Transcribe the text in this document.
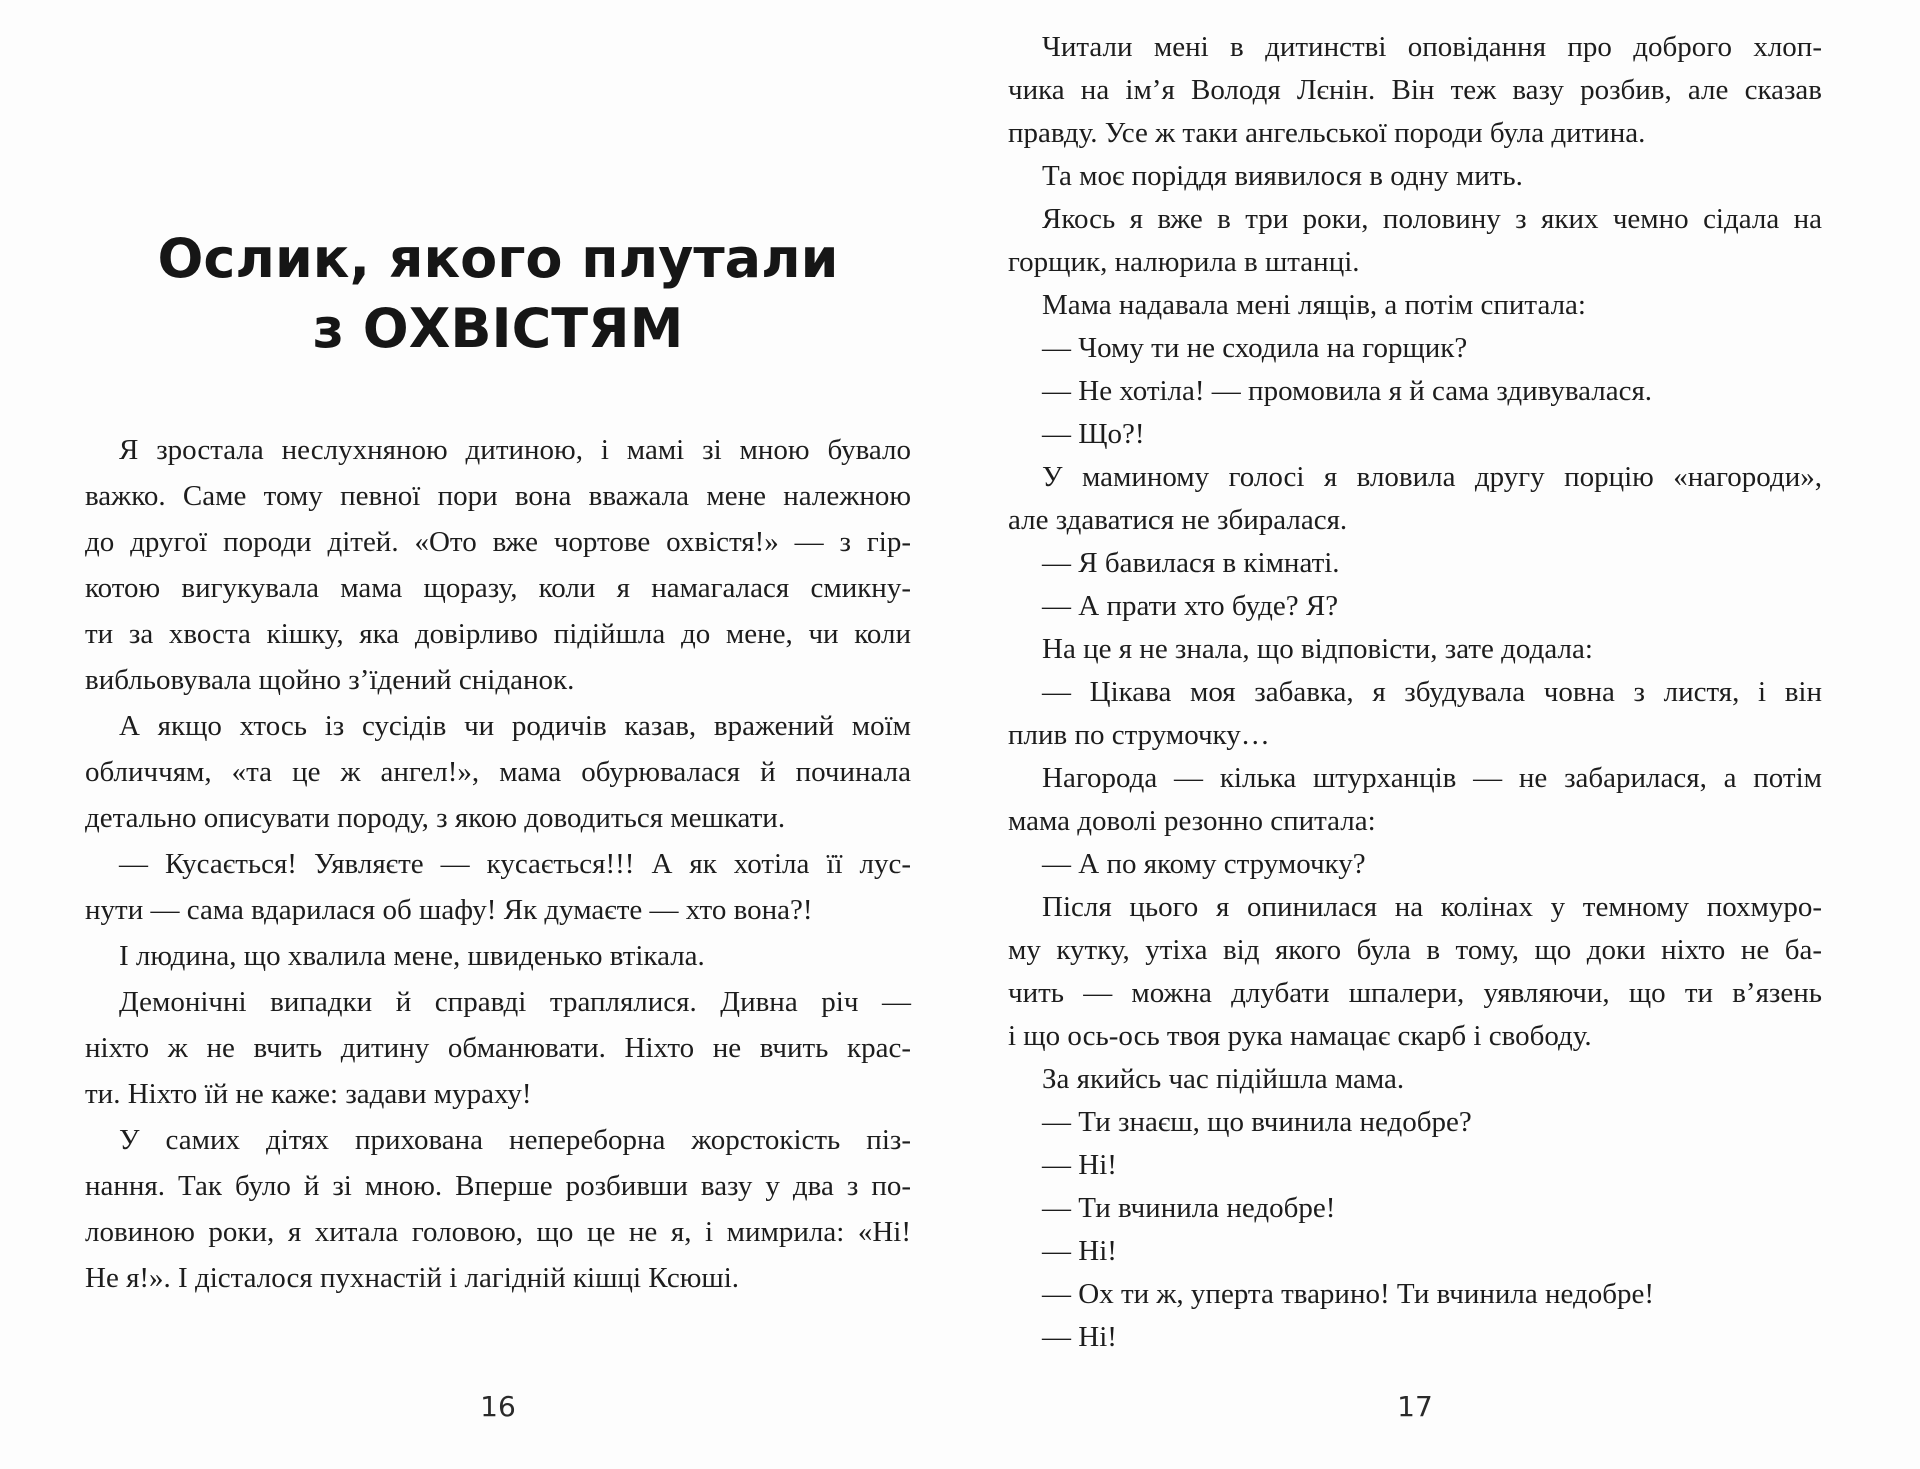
Ослик, якого плутали
з ОХВІСТЯМ
Я зростала неслухняною дитиною, і мамі зі мною бувало
важко. Саме тому певної пори вона вважала мене належною
до другої породи дітей. «Ото вже чортове охвістя!» — з гір-
котою вигукувала мама щоразу, коли я намагалася смикну-
ти за хвоста кішку, яка довірливо підійшла до мене, чи коли
вибльовувала щойно з’їдений сніданок.
А якщо хтось із сусідів чи родичів казав, вражений моїм
обличчям, «та це ж ангел!», мама обурювалася й починала
детально описувати породу, з якою доводиться мешкати.
— Кусається! Уявляєте — кусається!!! А як хотіла її лус-
нути — сама вдарилася об шафу! Як думаєте — хто вона?!
І людина, що хвалила мене, швиденько втікала.
Демонічні випадки й справді траплялися. Дивна річ —
ніхто ж не вчить дитину обманювати. Ніхто не вчить крас-
ти. Ніхто їй не каже: задави мураху!
У самих дітях прихована непереборна жорстокість піз-
нання. Так було й зі мною. Вперше розбивши вазу у два з по-
ловиною роки, я хитала головою, що це не я, і мимрила: «Ні!
Не я!». І дісталося пухнастій і лагідній кішці Ксюші.
16
Читали мені в дитинстві оповідання про доброго хлоп-
чика на ім’я Володя Лєнін. Він теж вазу розбив, але сказав
правду. Усе ж таки ангельської породи була дитина.
Та моє поріддя виявилося в одну мить.
Якось я вже в три роки, половину з яких чемно сідала на
горщик, налюрила в штанці.
Мама надавала мені лящів, а потім спитала:
— Чому ти не сходила на горщик?
— Не хотіла! — промовила я й сама здивувалася.
— Що?!
У маминому голосі я вловила другу порцію «нагороди»,
але здаватися не збиралася.
— Я бавилася в кімнаті.
— А прати хто буде? Я?
На це я не знала, що відповісти, зате додала:
— Цікава моя забавка, я збудувала човна з листя, і він
плив по струмочку…
Нагорода — кілька штурханців — не забарилася, а потім
мама доволі резонно спитала:
— А по якому струмочку?
Після цього я опинилася на колінах у темному похмуро-
му кутку, утіха від якого була в тому, що доки ніхто не ба-
чить — можна длубати шпалери, уявляючи, що ти в’язень
і що ось-ось твоя рука намацає скарб і свободу.
За якийсь час підійшла мама.
— Ти знаєш, що вчинила недобре?
— Ні!
— Ти вчинила недобре!
— Ні!
— Ох ти ж, уперта тварино! Ти вчинила недобре!
— Ні!
17
